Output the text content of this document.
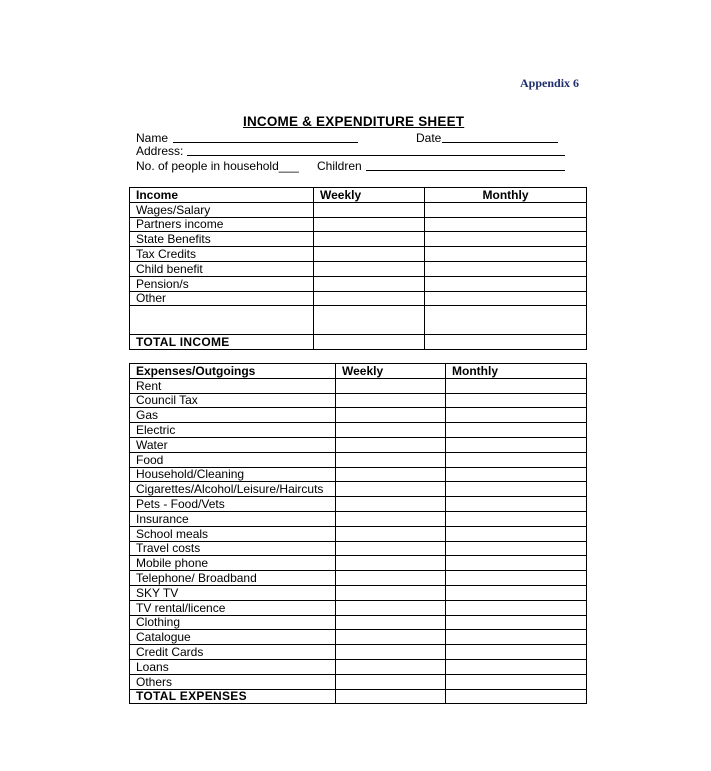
Appendix 6
INCOME & EXPENDITURE SHEET
Name	Date
Address:
No. of people in household___ Children
Income	Weekly	Monthly
Wages/Salary		
Partners income		
State Benefits		
Tax Credits		
Child benefit		
Pension/s		
Other		

TOTAL INCOME		
Expenses/Outgoings	Weekly	Monthly
Rent		
Council Tax		
Gas		
Electric		
Water		
Food		
Household/Cleaning		
Cigarettes/Alcohol/Leisure/Haircuts		
Pets - Food/Vets		
Insurance		
School meals		
Travel costs		
Mobile phone		
Telephone/ Broadband		
SKY TV		
TV rental/licence		
Clothing		
Catalogue		
Credit Cards		
Loans		
Others		
TOTAL EXPENSES		
